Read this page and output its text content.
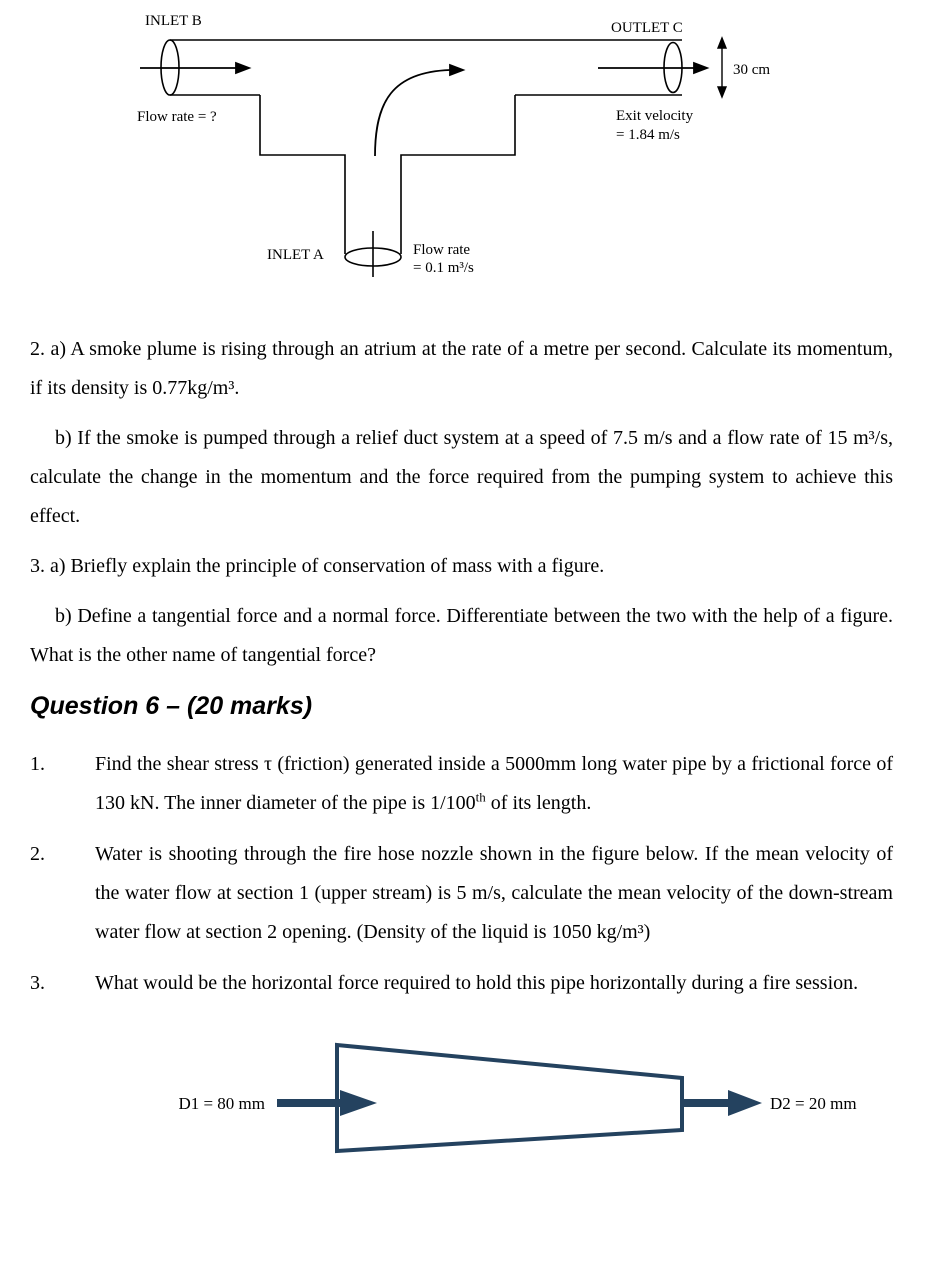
INLET B	OUTLET C
Flow rate = ?	Exit velocity
= 1.84 m/s
30 cm
INLET A	Flow rate
= 0.1 m³/s

2. a) A smoke plume is rising through an atrium at the rate of a metre per second. Calculate its momentum, if its density is 0.77kg/m³.

b) If the smoke is pumped through a relief duct system at a speed of 7.5 m/s and a flow rate of 15 m³/s, calculate the change in the momentum and the force required from the pumping system to achieve this effect.

3. a) Briefly explain the principle of conservation of mass with a figure.

b) Define a tangential force and a normal force. Differentiate between the two with the help of a figure. What is the other name of tangential force?

Question 6 – (20 marks)
1.	Find the shear stress τ (friction) generated inside a 5000mm long water pipe by a frictional force of 130 kN. The inner diameter of the pipe is 1/100th of its length.
2.	Water is shooting through the fire hose nozzle shown in the figure below. If the mean velocity of the water flow at section 1 (upper stream) is 5 m/s, calculate the mean velocity of the down-stream water flow at section 2 opening. (Density of the liquid is 1050 kg/m³)
3.	What would be the horizontal force required to hold this pipe horizontally during a fire session.
D1 = 80 mm	D2 = 20 mm
